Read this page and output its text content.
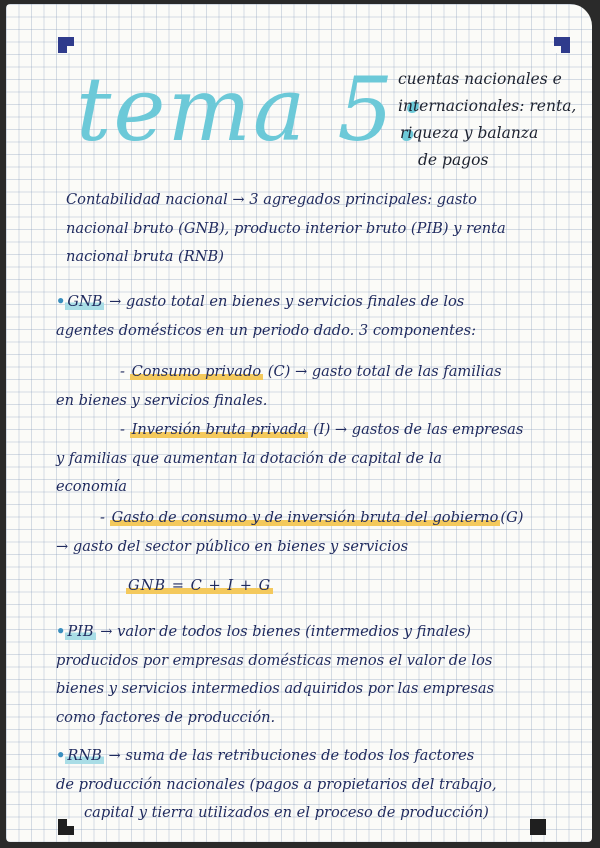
tema 5:
cuentas nacionales e
internacionales: renta,
riqueza y balanza
de pagos
Contabilidad nacional → 3 agregados principales: gasto
nacional bruto (GNB), producto interior bruto (PIB) y renta
nacional bruta (RNB)
• GNB → gasto total en bienes y servicios finales de los
agentes domésticos en un periodo dado. 3 componentes:
- Consumo privado (C) → gasto total de las familias
en bienes y servicios finales.
- Inversión bruta privada (I) → gastos de las empresas
y familias que aumentan la dotación de capital de la
economía
- Gasto de consumo y de inversión bruta del gobierno (G)
→ gasto del sector público en bienes y servicios
GNB = C + I + G
• PIB → valor de todos los bienes (intermedios y finales)
producidos por empresas domésticas menos el valor de los
bienes y servicios intermedios adquiridos por las empresas
como factores de producción.
• RNB → suma de las retribuciones de todos los factores
de producción nacionales (pagos a propietarios del trabajo,
capital y tierra utilizados en el proceso de producción)
